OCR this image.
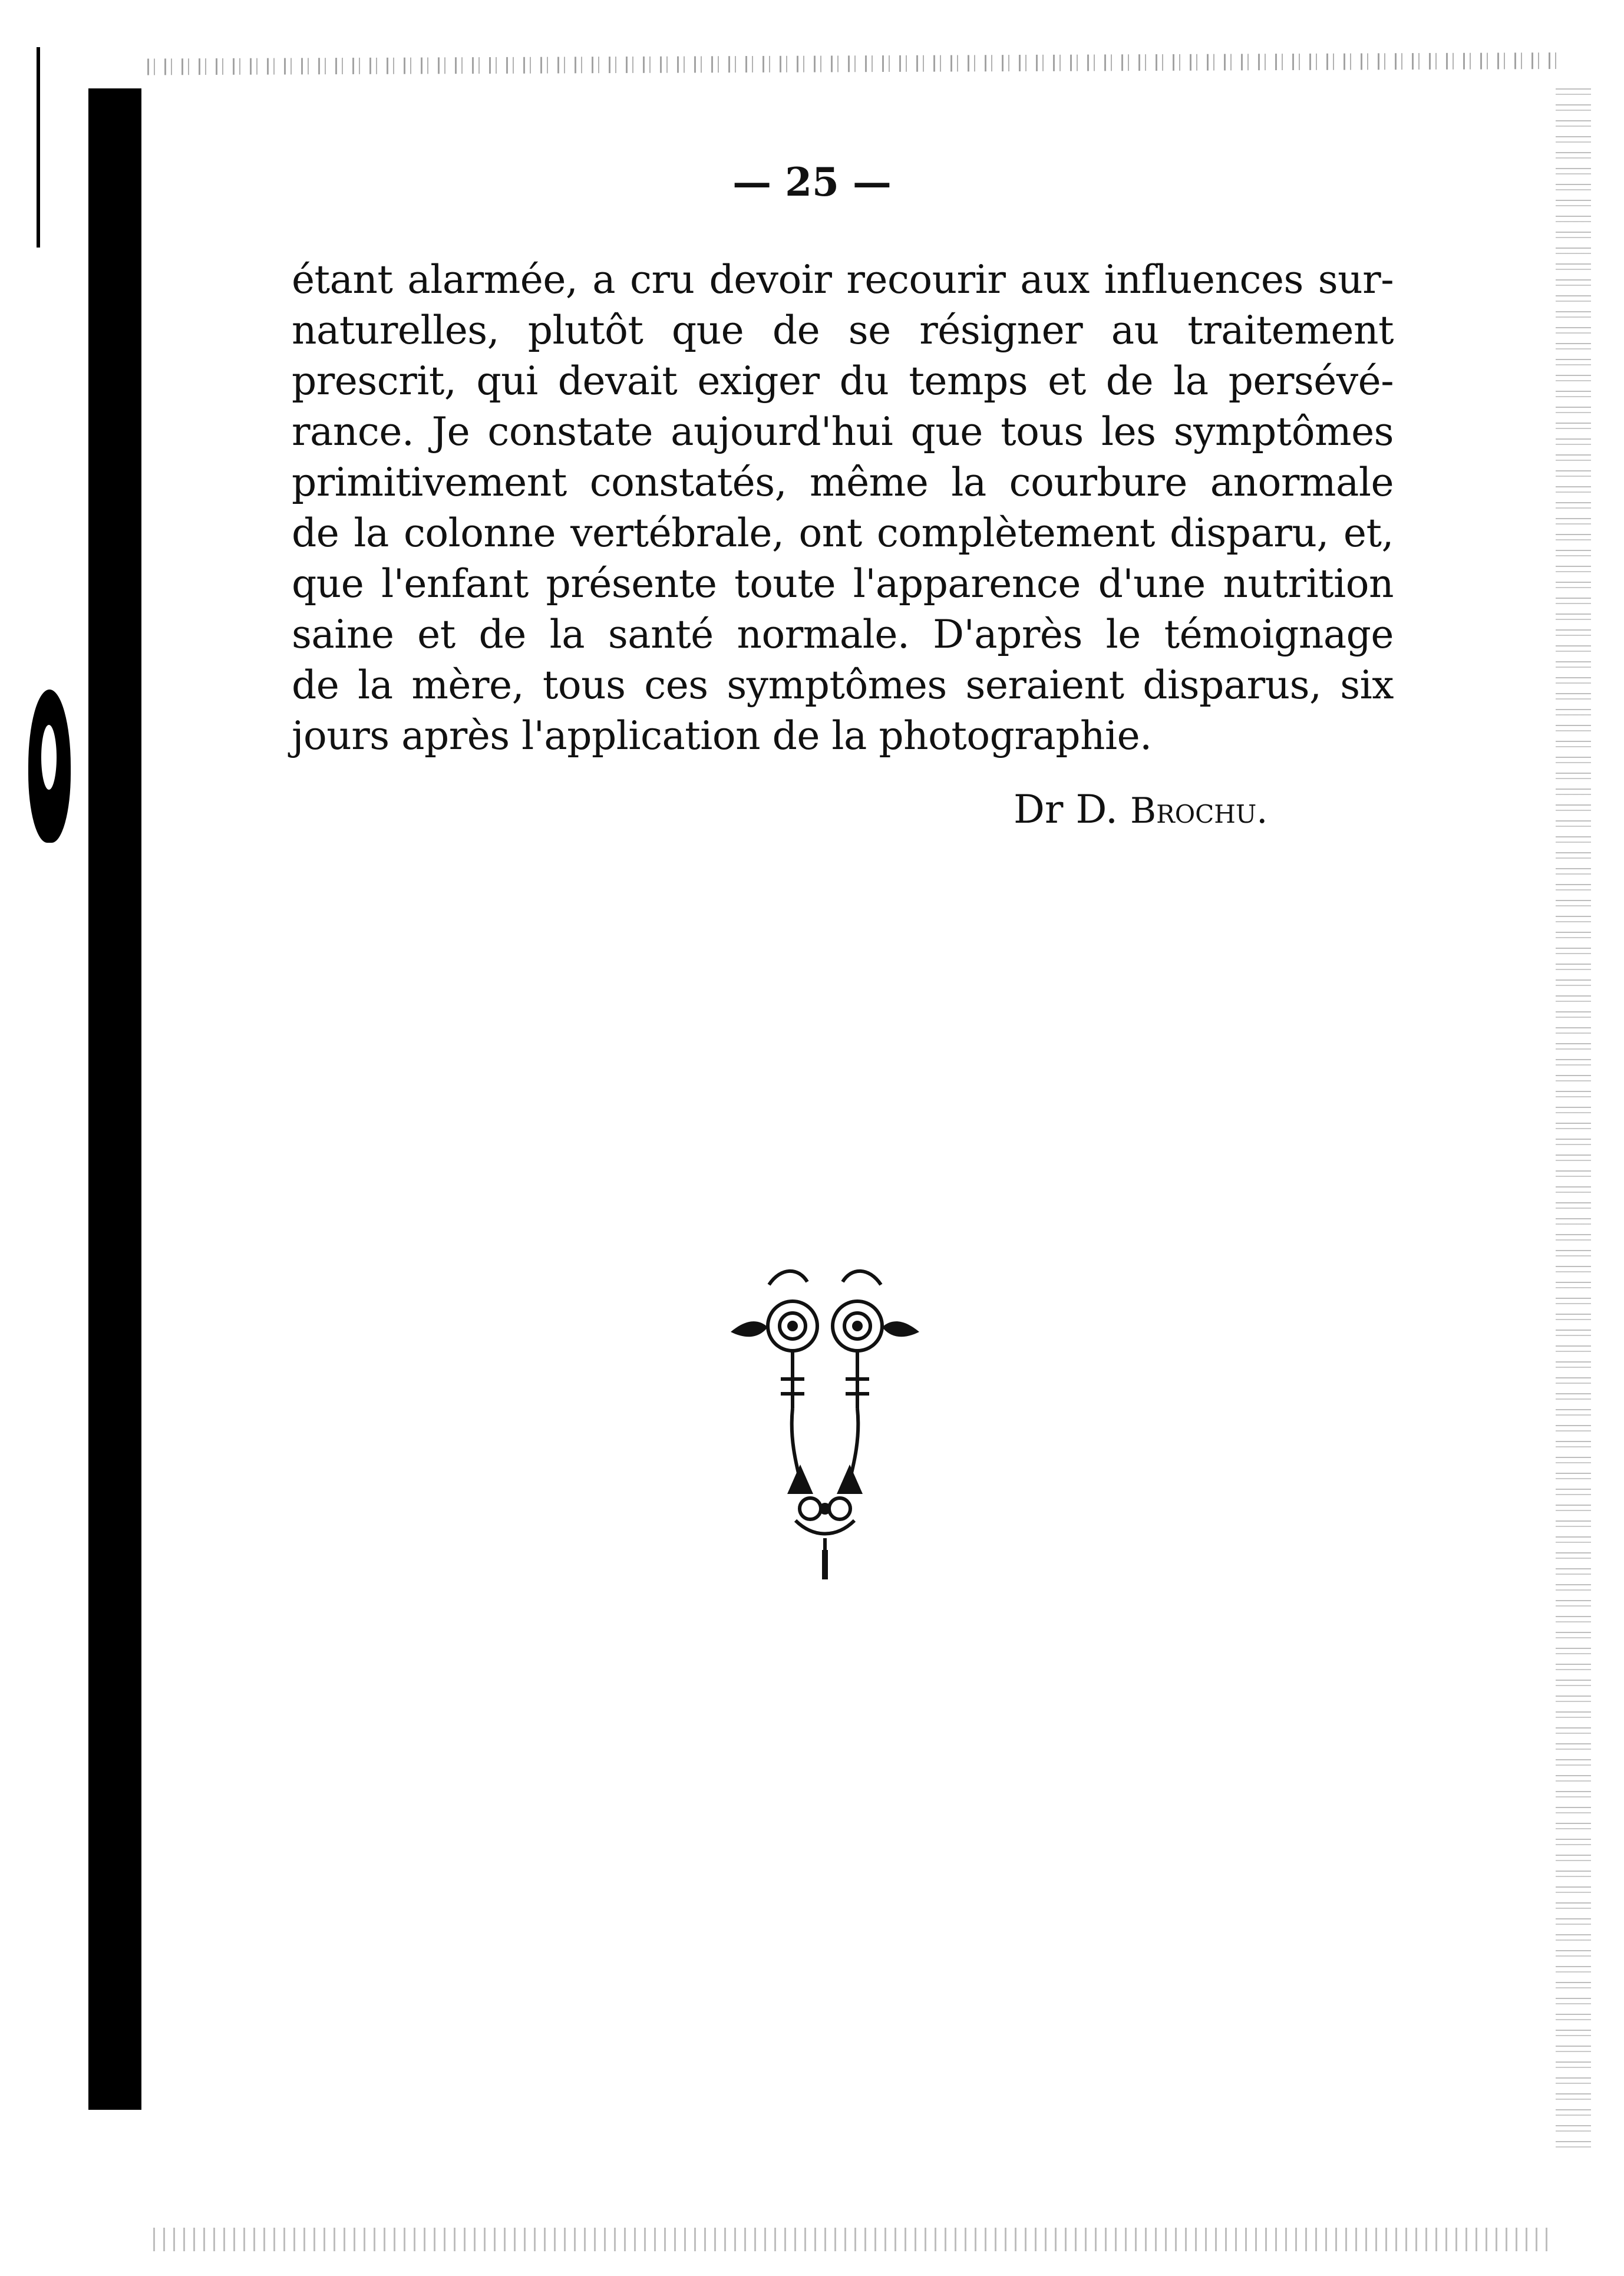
— 25 —

étant alarmée, a cru devoir recourir aux influences sur-
naturelles, plutôt que de se résigner au traitement
prescrit, qui devait exiger du temps et de la persévé-
rance. Je constate aujourd'hui que tous les symptômes
primitivement constatés, même la courbure anormale
de la colonne vertébrale, ont complètement disparu, et,
que l'enfant présente toute l'apparence d'une nutrition
saine et de la santé normale. D'après le témoignage
de la mère, tous ces symptômes seraient disparus, six
jours après l'application de la photographie.

Dr D. Brochu.
